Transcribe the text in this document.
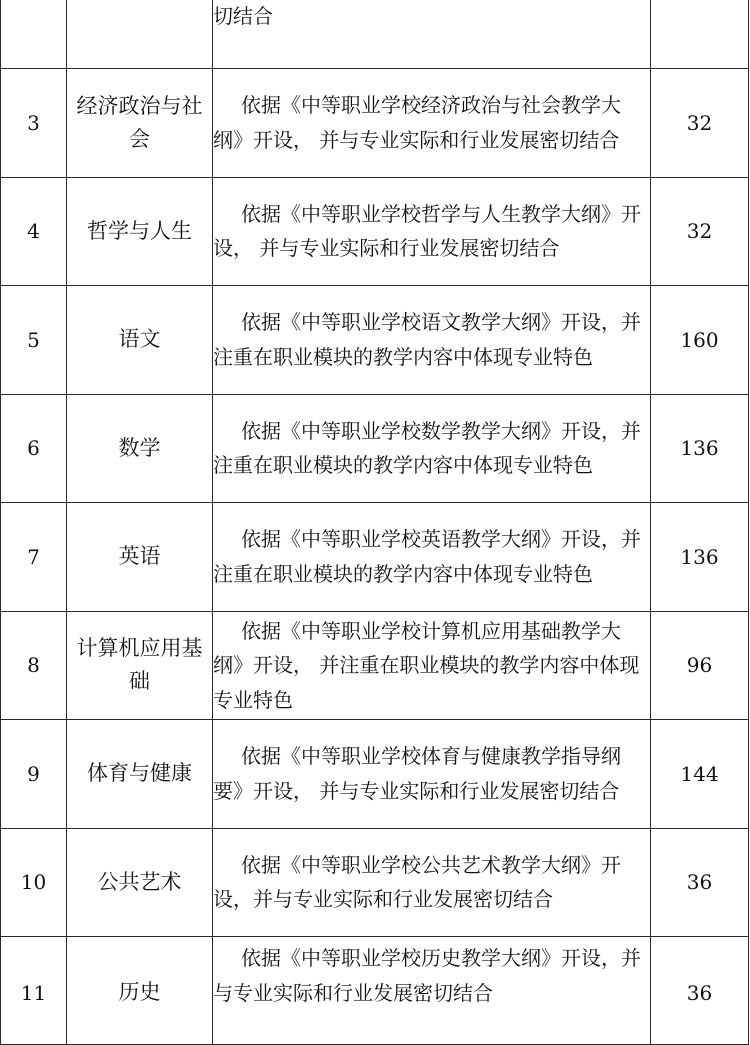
		切结合	
3	经济政治与社会	依据《中等职业学校经济政治与社会教学大纲》开设， 并与专业实际和行业发展密切结合	32
4	哲学与人生	依据《中等职业学校哲学与人生教学大纲》开设， 并与专业实际和行业发展密切结合	32
5	语文	依据《中等职业学校语文教学大纲》开设，并注重在职业模块的教学内容中体现专业特色	160
6	数学	依据《中等职业学校数学教学大纲》开设，并注重在职业模块的教学内容中体现专业特色	136
7	英语	依据《中等职业学校英语教学大纲》开设，并注重在职业模块的教学内容中体现专业特色	136
8	计算机应用基础	依据《中等职业学校计算机应用基础教学大纲》开设， 并注重在职业模块的教学内容中体现专业特色	96
9	体育与健康	依据《中等职业学校体育与健康教学指导纲要》开设， 并与专业实际和行业发展密切结合	144
10	公共艺术	依据《中等职业学校公共艺术教学大纲》开设，并与专业实际和行业发展密切结合	36
11	历史	依据《中等职业学校历史教学大纲》开设，并与专业实际和行业发展密切结合	36
